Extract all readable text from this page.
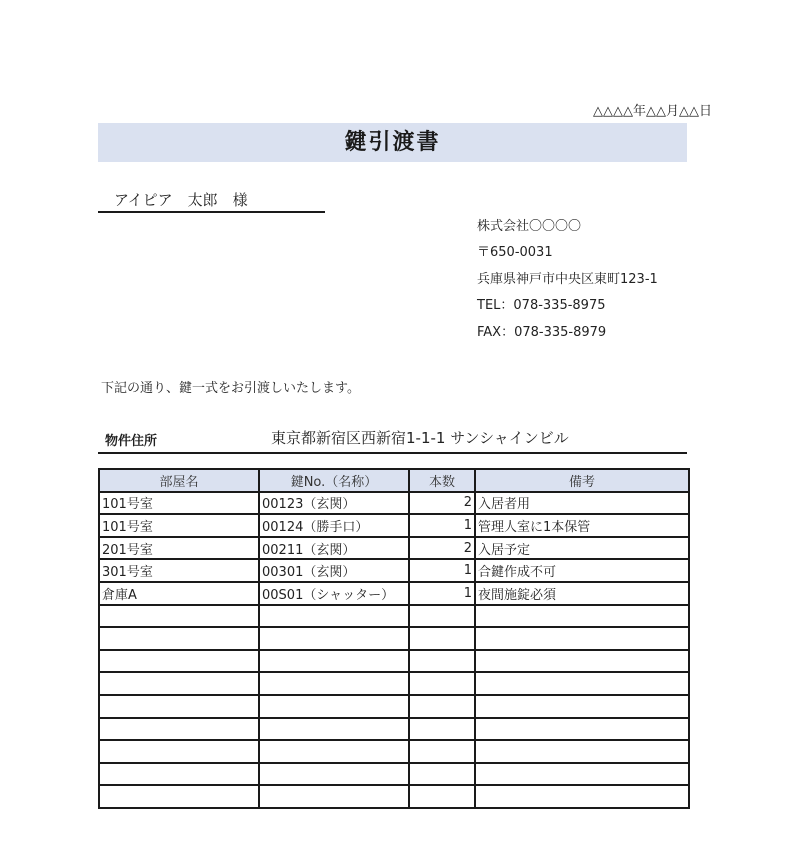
△△△△年△△月△△日
鍵引渡書
アイピア　太郎　様
株式会社〇〇〇〇
〒650-0031
兵庫県神戸市中央区東町123-1
TEL：078-335-8975
FAX：078-335-8979
下記の通り、鍵一式をお引渡しいたします。
物件住所	東京都新宿区西新宿1-1-1 サンシャインビル
部屋名	鍵No.（名称）	本数	備考
101号室	00123（玄関）	2	入居者用
101号室	00124（勝手口）	1	管理人室に1本保管
201号室	00211（玄関）	2	入居予定
301号室	00301（玄関）	1	合鍵作成不可
倉庫A	00S01（シャッター）	1	夜間施錠必須
